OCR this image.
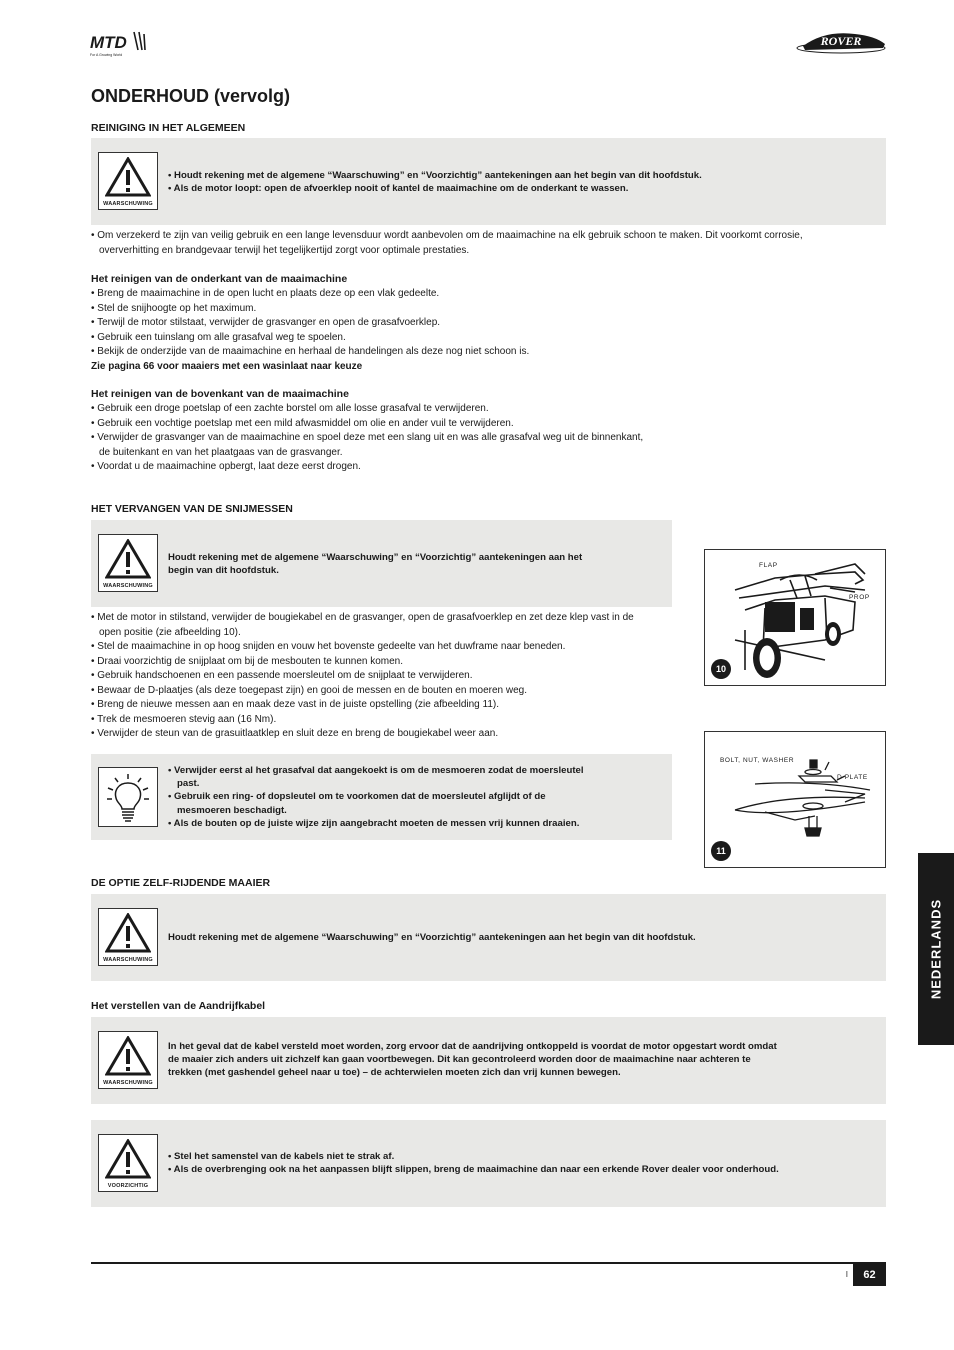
MTD
For A Growing World
ROVER
ONDERHOUD (vervolg)
REINIGING IN HET ALGEMEEN
WAARSCHUWING

• Houdt rekening met de algemene “Waarschuwing” en “Voorzichtig” aantekeningen aan het begin van dit hoofdstuk.

• Als de motor loopt: open de afvoerklep nooit of kantel de maaimachine om de onderkant te wassen.

• Om verzekerd te zijn van veilig gebruik en een lange levensduur wordt aanbevolen om de maaimachine na elk gebruik schoon te maken. Dit voorkomt corrosie,

oververhitting en brandgevaar terwijl het tegelijkertijd zorgt voor optimale prestaties.

Het reinigen van de onderkant van de maaimachine

• Breng de maaimachine in de open lucht en plaats deze op een vlak gedeelte.

• Stel de snijhoogte op het maximum.

• Terwijl de motor stilstaat, verwijder de grasvanger en open de grasafvoerklep.

• Gebruik een tuinslang om alle grasafval weg te spoelen.

• Bekijk de onderzijde van de maaimachine en herhaal de handelingen als deze nog niet schoon is.

Zie pagina 66 voor maaiers met een wasinlaat naar keuze

Het reinigen van de bovenkant van de maaimachine

• Gebruik een droge poetslap of een zachte borstel om alle losse grasafval te verwijderen.

• Gebruik een vochtige poetslap met een mild afwasmiddel om olie en ander vuil te verwijderen.

• Verwijder de grasvanger van de maaimachine en spoel deze met een slang uit en was alle grasafval weg uit de binnenkant,

de buitenkant en van het plaatgaas van de grasvanger.

• Voordat u de maaimachine opbergt, laat deze eerst drogen.

HET VERVANGEN VAN DE SNIJMESSEN
WAARSCHUWING

Houdt rekening met de algemene “Waarschuwing” en “Voorzichtig” aantekeningen aan het

begin van dit hoofdstuk.

• Met de motor in stilstand, verwijder de bougiekabel en de grasvanger, open de grasafvoerklep en zet deze klep vast in de

open positie (zie afbeelding 10).

• Stel de maaimachine in op hoog snijden en vouw het bovenste gedeelte van het duwframe naar beneden.

• Draai voorzichtig de snijplaat om bij de mesbouten te kunnen komen.

• Gebruik handschoenen en een passende moersleutel om de snijplaat te verwijderen.

• Bewaar de D-plaatjes (als deze toegepast zijn) en gooi de messen en de bouten en moeren weg.

• Breng de nieuwe messen aan en maak deze vast in de juiste opstelling (zie afbeelding 11).

• Trek de mesmoeren stevig aan (16 Nm).

• Verwijder de steun van de grasuitlaatklep en sluit deze en breng de bougiekabel weer aan.

• Verwijder eerst al het grasafval dat aangekoekt is om de mesmoeren zodat de moersleutel

past.

• Gebruik een ring- of dopsleutel om te voorkomen dat de moersleutel afglijdt of de

mesmoeren beschadigt.

• Als de bouten op de juiste wijze zijn aangebracht moeten de messen vrij kunnen draaien.

FLAP
PROP
10
BOLT, NUT, WASHER
D PLATE
11
DE OPTIE ZELF-RIJDENDE MAAIER
WAARSCHUWING

Houdt rekening met de algemene “Waarschuwing” en “Voorzichtig” aantekeningen aan het begin van dit hoofdstuk.

Het verstellen van de Aandrijfkabel
WAARSCHUWING

In het geval dat de kabel versteld moet worden, zorg ervoor dat de aandrijving ontkoppeld is voordat de motor opgestart wordt omdat

de maaier zich anders uit zichzelf kan gaan voortbewegen. Dit kan gecontroleerd worden door de maaimachine naar achteren te

trekken (met gashendel geheel naar u toe) – de achterwielen moeten zich dan vrij kunnen bewegen.

VOORZICHTIG

• Stel het samenstel van de kabels niet te strak af.

• Als de overbrenging ook na het aanpassen blijft slippen, breng de maaimachine dan naar een erkende Rover dealer voor onderhoud.

NEDERLANDS
l	62
